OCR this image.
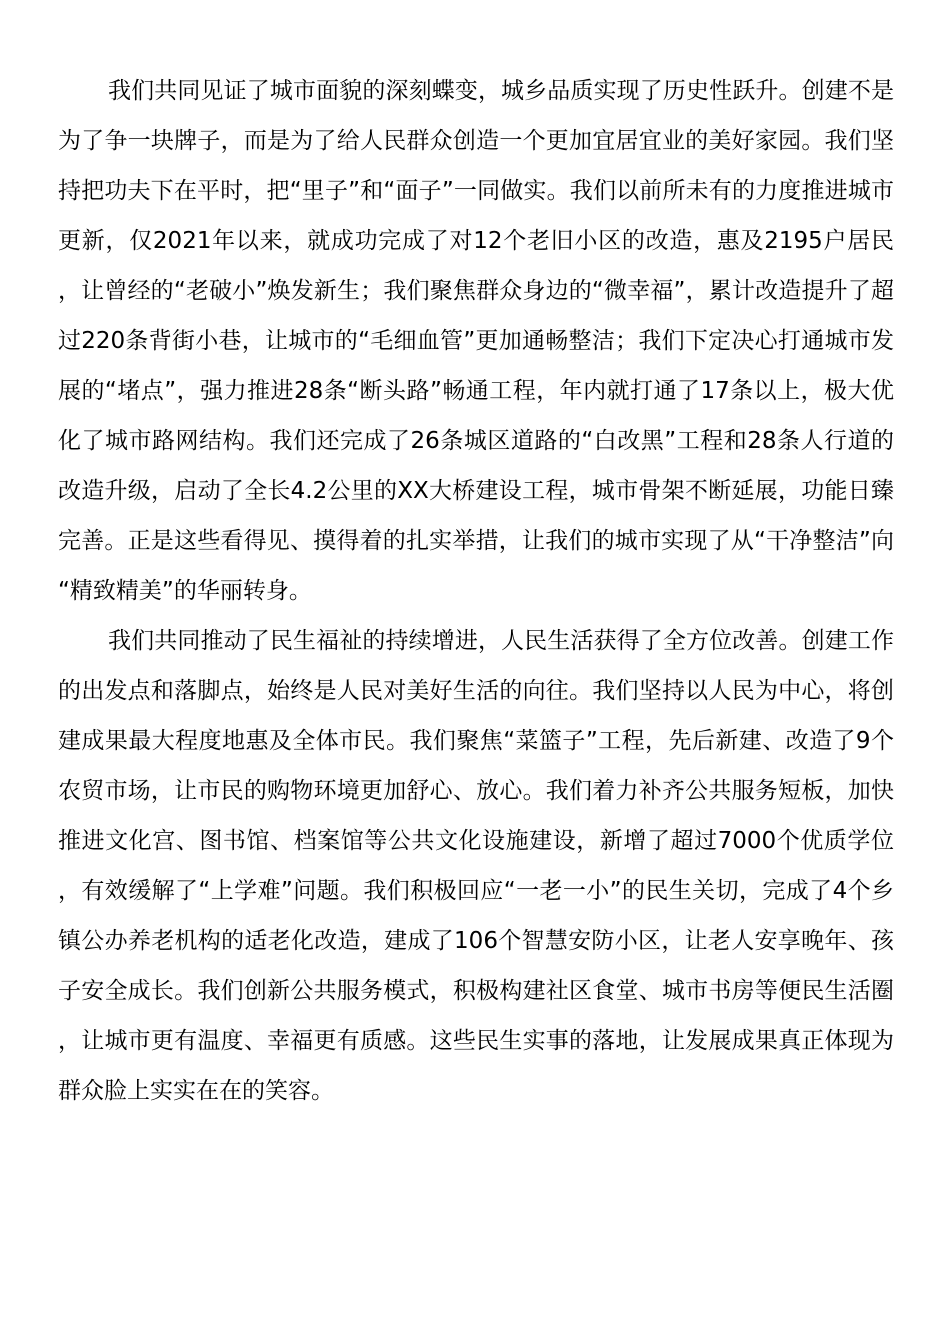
我们共同见证了城市面貌的深刻蝶变，城乡品质实现了历史性跃升。创建不是为了争一块牌子，而是为了给人民群众创造一个更加宜居宜业的美好家园。我们坚持把功夫下在平时，把“里子”和“面子”一同做实。我们以前所未有的力度推进城市更新，仅2021年以来，就成功完成了对12个老旧小区的改造，惠及2195户居民，让曾经的“老破小”焕发新生；我们聚焦群众身边的“微幸福”，累计改造提升了超过220条背街小巷，让城市的“毛细血管”更加通畅整洁；我们下定决心打通城市发展的“堵点”，强力推进28条“断头路”畅通工程，年内就打通了17条以上，极大优化了城市路网结构。我们还完成了26条城区道路的“白改黑”工程和28条人行道的改造升级，启动了全长4.2公里的XX大桥建设工程，城市骨架不断延展，功能日臻完善。正是这些看得见、摸得着的扎实举措，让我们的城市实现了从“干净整洁”向“精致精美”的华丽转身。

我们共同推动了民生福祉的持续增进，人民生活获得了全方位改善。创建工作的出发点和落脚点，始终是人民对美好生活的向往。我们坚持以人民为中心，将创建成果最大程度地惠及全体市民。我们聚焦“菜篮子”工程，先后新建、改造了9个农贸市场，让市民的购物环境更加舒心、放心。我们着力补齐公共服务短板，加快推进文化宫、图书馆、档案馆等公共文化设施建设，新增了超过7000个优质学位，有效缓解了“上学难”问题。我们积极回应“一老一小”的民生关切，完成了4个乡镇公办养老机构的适老化改造，建成了106个智慧安防小区，让老人安享晚年、孩子安全成长。我们创新公共服务模式，积极构建社区食堂、城市书房等便民生活圈，让城市更有温度、幸福更有质感。这些民生实事的落地，让发展成果真正体现为群众脸上实实在在的笑容。
